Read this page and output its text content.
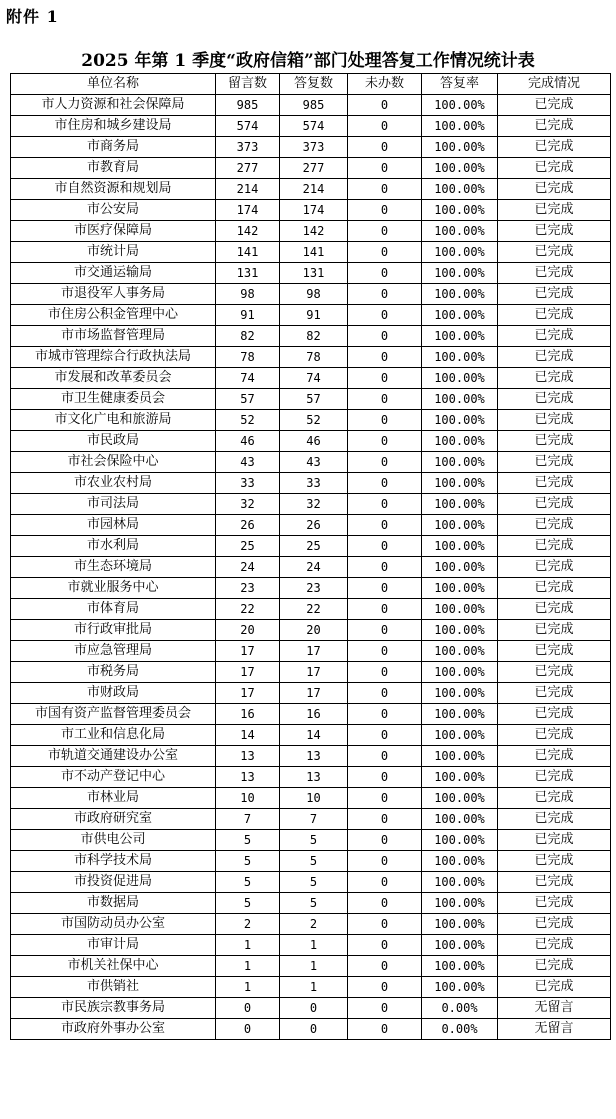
附件 1
2025 年第 1 季度“政府信箱”部门处理答复工作情况统计表
单位名称	留言数	答复数	未办数	答复率	完成情况
市人力资源和社会保障局	985	985	0	100.00%	已完成
市住房和城乡建设局	574	574	0	100.00%	已完成
市商务局	373	373	0	100.00%	已完成
市教育局	277	277	0	100.00%	已完成
市自然资源和规划局	214	214	0	100.00%	已完成
市公安局	174	174	0	100.00%	已完成
市医疗保障局	142	142	0	100.00%	已完成
市统计局	141	141	0	100.00%	已完成
市交通运输局	131	131	0	100.00%	已完成
市退役军人事务局	98	98	0	100.00%	已完成
市住房公积金管理中心	91	91	0	100.00%	已完成
市市场监督管理局	82	82	0	100.00%	已完成
市城市管理综合行政执法局	78	78	0	100.00%	已完成
市发展和改革委员会	74	74	0	100.00%	已完成
市卫生健康委员会	57	57	0	100.00%	已完成
市文化广电和旅游局	52	52	0	100.00%	已完成
市民政局	46	46	0	100.00%	已完成
市社会保险中心	43	43	0	100.00%	已完成
市农业农村局	33	33	0	100.00%	已完成
市司法局	32	32	0	100.00%	已完成
市园林局	26	26	0	100.00%	已完成
市水利局	25	25	0	100.00%	已完成
市生态环境局	24	24	0	100.00%	已完成
市就业服务中心	23	23	0	100.00%	已完成
市体育局	22	22	0	100.00%	已完成
市行政审批局	20	20	0	100.00%	已完成
市应急管理局	17	17	0	100.00%	已完成
市税务局	17	17	0	100.00%	已完成
市财政局	17	17	0	100.00%	已完成
市国有资产监督管理委员会	16	16	0	100.00%	已完成
市工业和信息化局	14	14	0	100.00%	已完成
市轨道交通建设办公室	13	13	0	100.00%	已完成
市不动产登记中心	13	13	0	100.00%	已完成
市林业局	10	10	0	100.00%	已完成
市政府研究室	7	7	0	100.00%	已完成
市供电公司	5	5	0	100.00%	已完成
市科学技术局	5	5	0	100.00%	已完成
市投资促进局	5	5	0	100.00%	已完成
市数据局	5	5	0	100.00%	已完成
市国防动员办公室	2	2	0	100.00%	已完成
市审计局	1	1	0	100.00%	已完成
市机关社保中心	1	1	0	100.00%	已完成
市供销社	1	1	0	100.00%	已完成
市民族宗教事务局	0	0	0	0.00%	无留言
市政府外事办公室	0	0	0	0.00%	无留言
